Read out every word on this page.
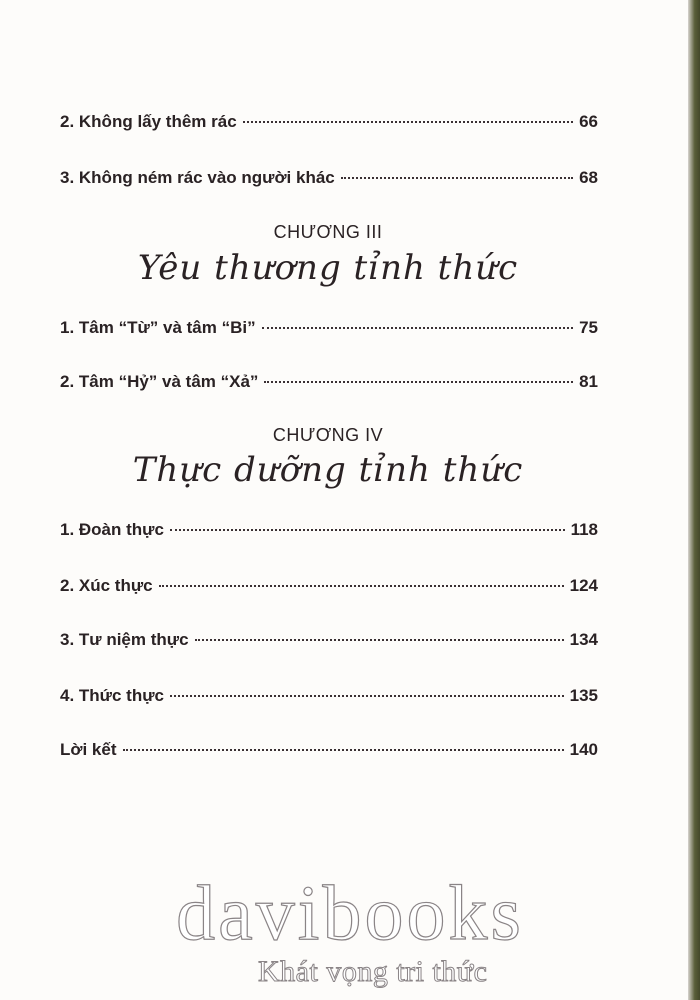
2. Không lấy thêm rác	66
3. Không ném rác vào người khác	68
CHƯƠNG III
Yêu thương tỉnh thức
1. Tâm “Từ” và tâm “Bi”	75
2. Tâm “Hỷ” và tâm “Xả”	81
CHƯƠNG IV
Thực dưỡng tỉnh thức
1. Đoàn thực	118
2. Xúc thực	124
3. Tư niệm thực	134
4. Thức thực	135
Lời kết	140
davibooks
Khát vọng tri thức
